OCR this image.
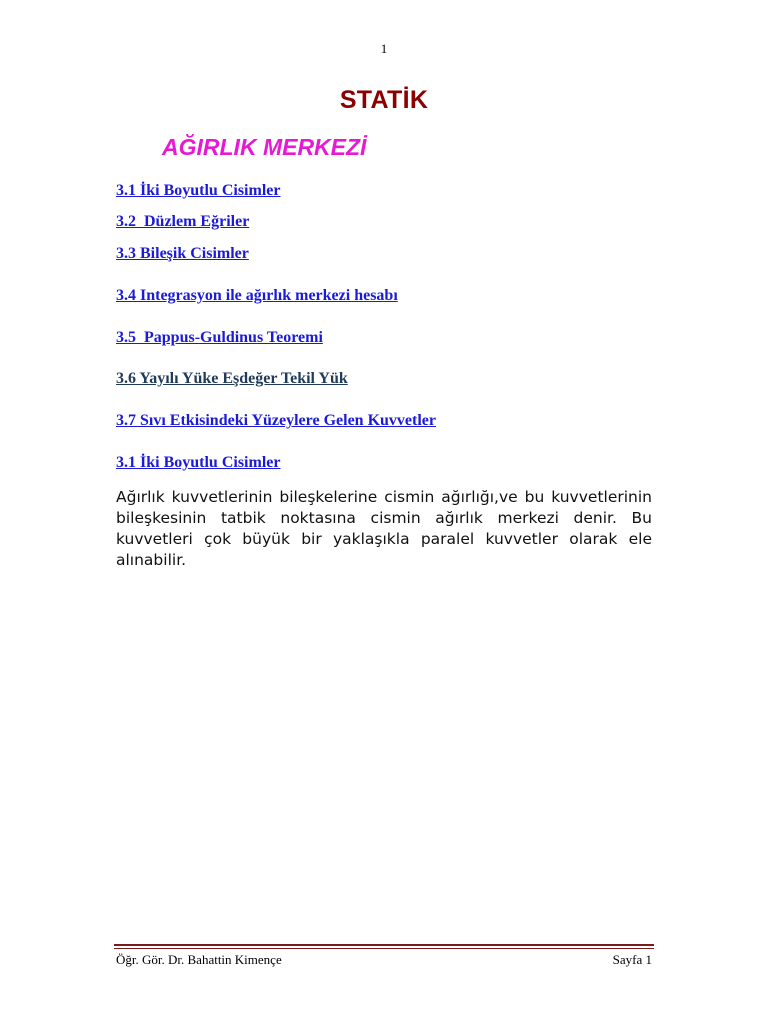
1
STATİK
AĞIRLIK MERKEZİ
3.1 İki Boyutlu Cisimler
3.2  Düzlem Eğriler
3.3 Bileşik Cisimler
3.4 Integrasyon ile ağırlık merkezi hesabı
3.5  Pappus-Guldinus Teoremi
3.6 Yayılı Yüke Eşdeğer Tekil Yük
3.7 Sıvı Etkisindeki Yüzeylere Gelen Kuvvetler
3.1 İki Boyutlu Cisimler
Ağırlık kuvvetlerinin bileşkelerine cismin ağırlığı,ve bu kuvvetlerinin bileşkesinin tatbik noktasına cismin ağırlık merkezi denir. Bu kuvvetleri çok büyük bir yaklaşıkla paralel kuvvetler olarak ele alınabilir.
Öğr. Gör. Dr. Bahattin Kimençe	Sayfa 1
